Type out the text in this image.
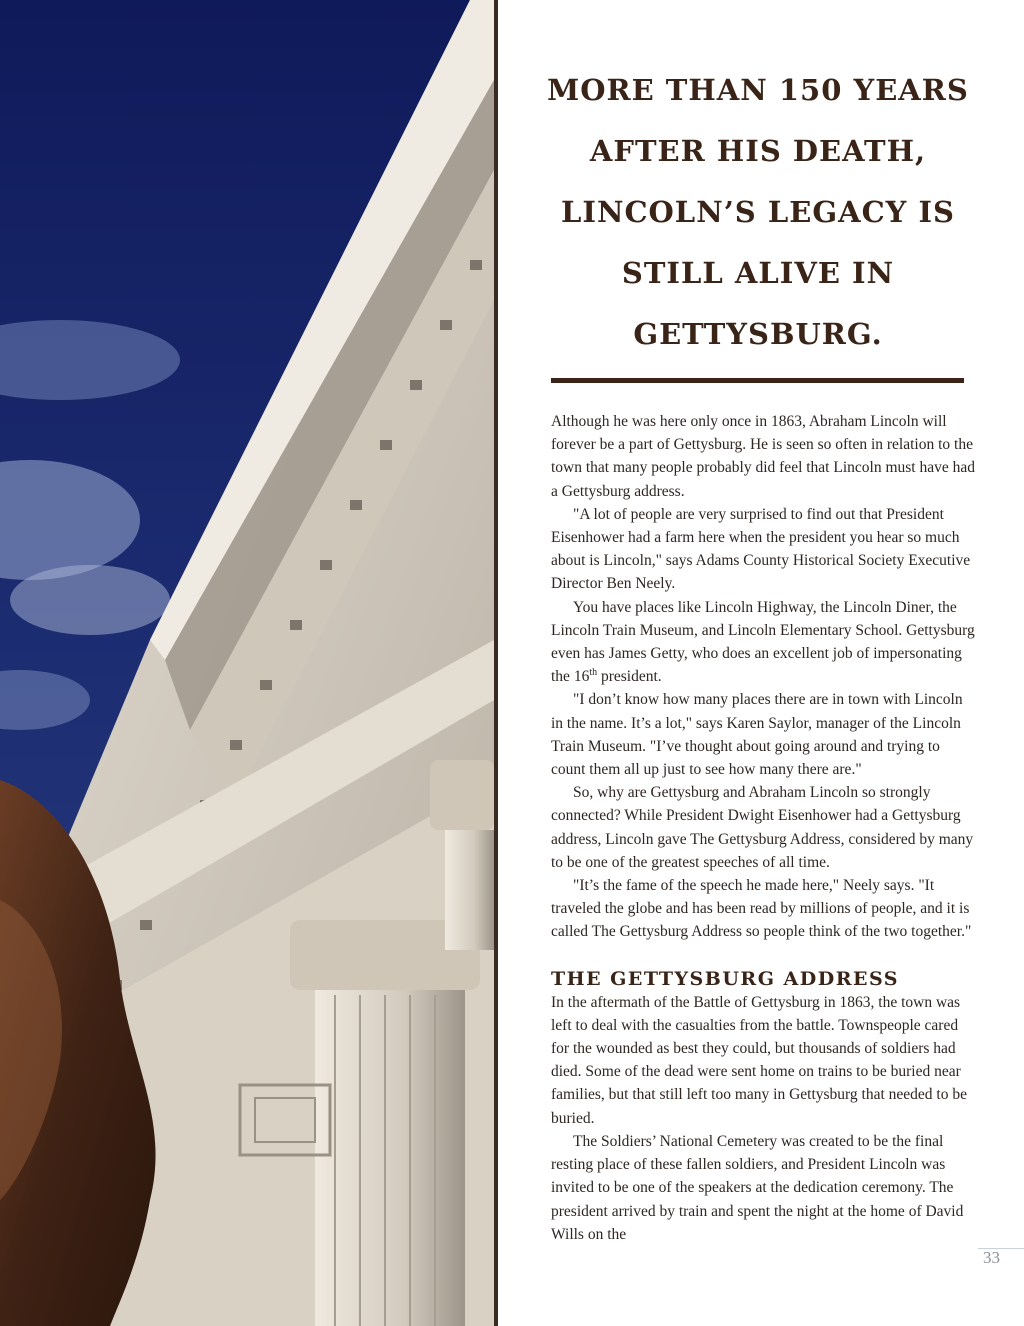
MORE THAN 150 YEARS AFTER HIS DEATH, LINCOLN’S LEGACY IS STILL ALIVE IN GETTYSBURG.

Although he was here only once in 1863, Abraham Lincoln will forever be a part of Gettysburg. He is seen so often in relation to the town that many people probably did feel that Lincoln must have had a Gettysburg address.

"A lot of people are very surprised to find out that President Eisenhower had a farm here when the president you hear so much about is Lincoln," says Adams County Historical Society Executive Director Ben Neely.

You have places like Lincoln Highway, the Lincoln Diner, the Lincoln Train Museum, and Lincoln Elementary School. Gettysburg even has James Getty, who does an excellent job of impersonating the 16th president.

"I don’t know how many places there are in town with Lincoln in the name. It’s a lot," says Karen Saylor, manager of the Lincoln Train Museum. "I’ve thought about going around and trying to count them all up just to see how many there are."

So, why are Gettysburg and Abraham Lincoln so strongly connected? While President Dwight Eisenhower had a Gettysburg address, Lincoln gave The Gettysburg Address, considered by many to be one of the greatest speeches of all time.

"It’s the fame of the speech he made here," Neely says. "It traveled the globe and has been read by millions of people, and it is called The Gettysburg Address so people think of the two together."

THE GETTYSBURG ADDRESS

In the aftermath of the Battle of Gettysburg in 1863, the town was left to deal with the casualties from the battle. Townspeople cared for the wounded as best they could, but thousands of soldiers had died. Some of the dead were sent home on trains to be buried near families, but that still left too many in Gettysburg that needed to be buried.

The Soldiers’ National Cemetery was created to be the final resting place of these fallen soldiers, and President Lincoln was invited to be one of the speakers at the dedication ceremony. The president arrived by train and spent the night at the home of David Wills on the

33
